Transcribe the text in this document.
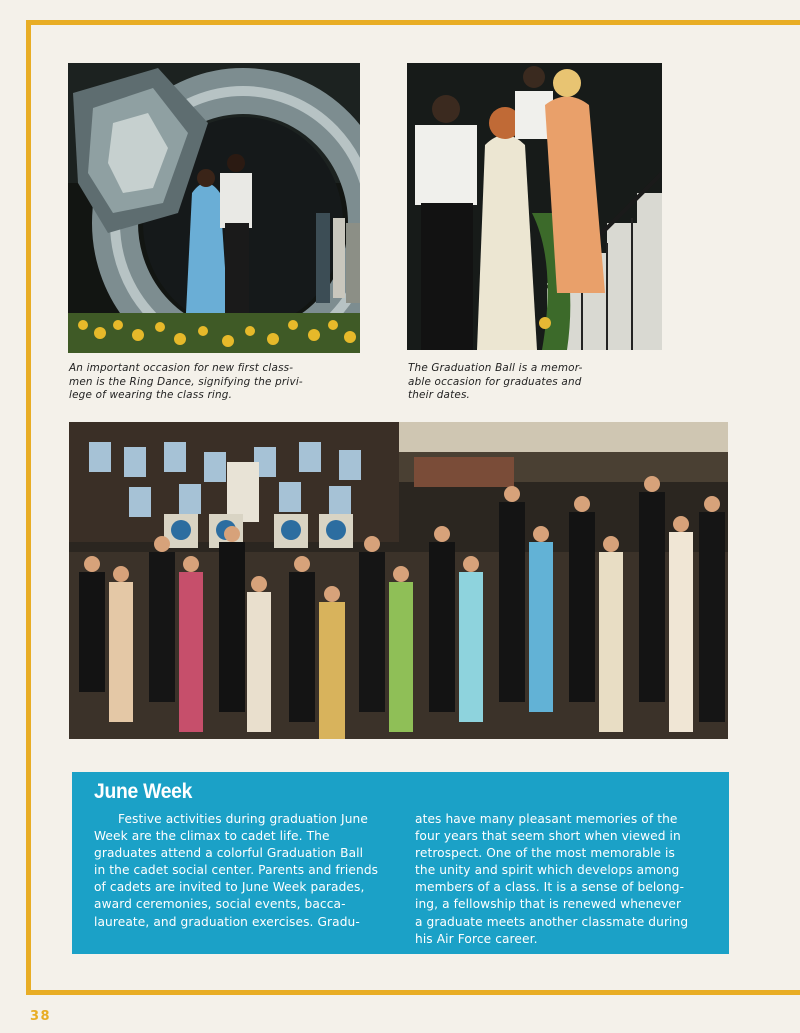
An important occasion for new first class-
men is the Ring Dance, signifying the privi-
lege of wearing the class ring.
The Graduation Ball is a memor-
able occasion for graduates and
their dates.
June Week
Festive activities during graduation June
Week are the climax to cadet life. The
graduates attend a colorful Graduation Ball
in the cadet social center. Parents and friends
of cadets are invited to June Week parades,
award ceremonies, social events, bacca-
laureate, and graduation exercises. Gradu-
ates have many pleasant memories of the
four years that seem short when viewed in
retrospect. One of the most memorable is
the unity and spirit which develops among
members of a class. It is a sense of belong-
ing, a fellowship that is renewed whenever
a graduate meets another classmate during
his Air Force career.
38
